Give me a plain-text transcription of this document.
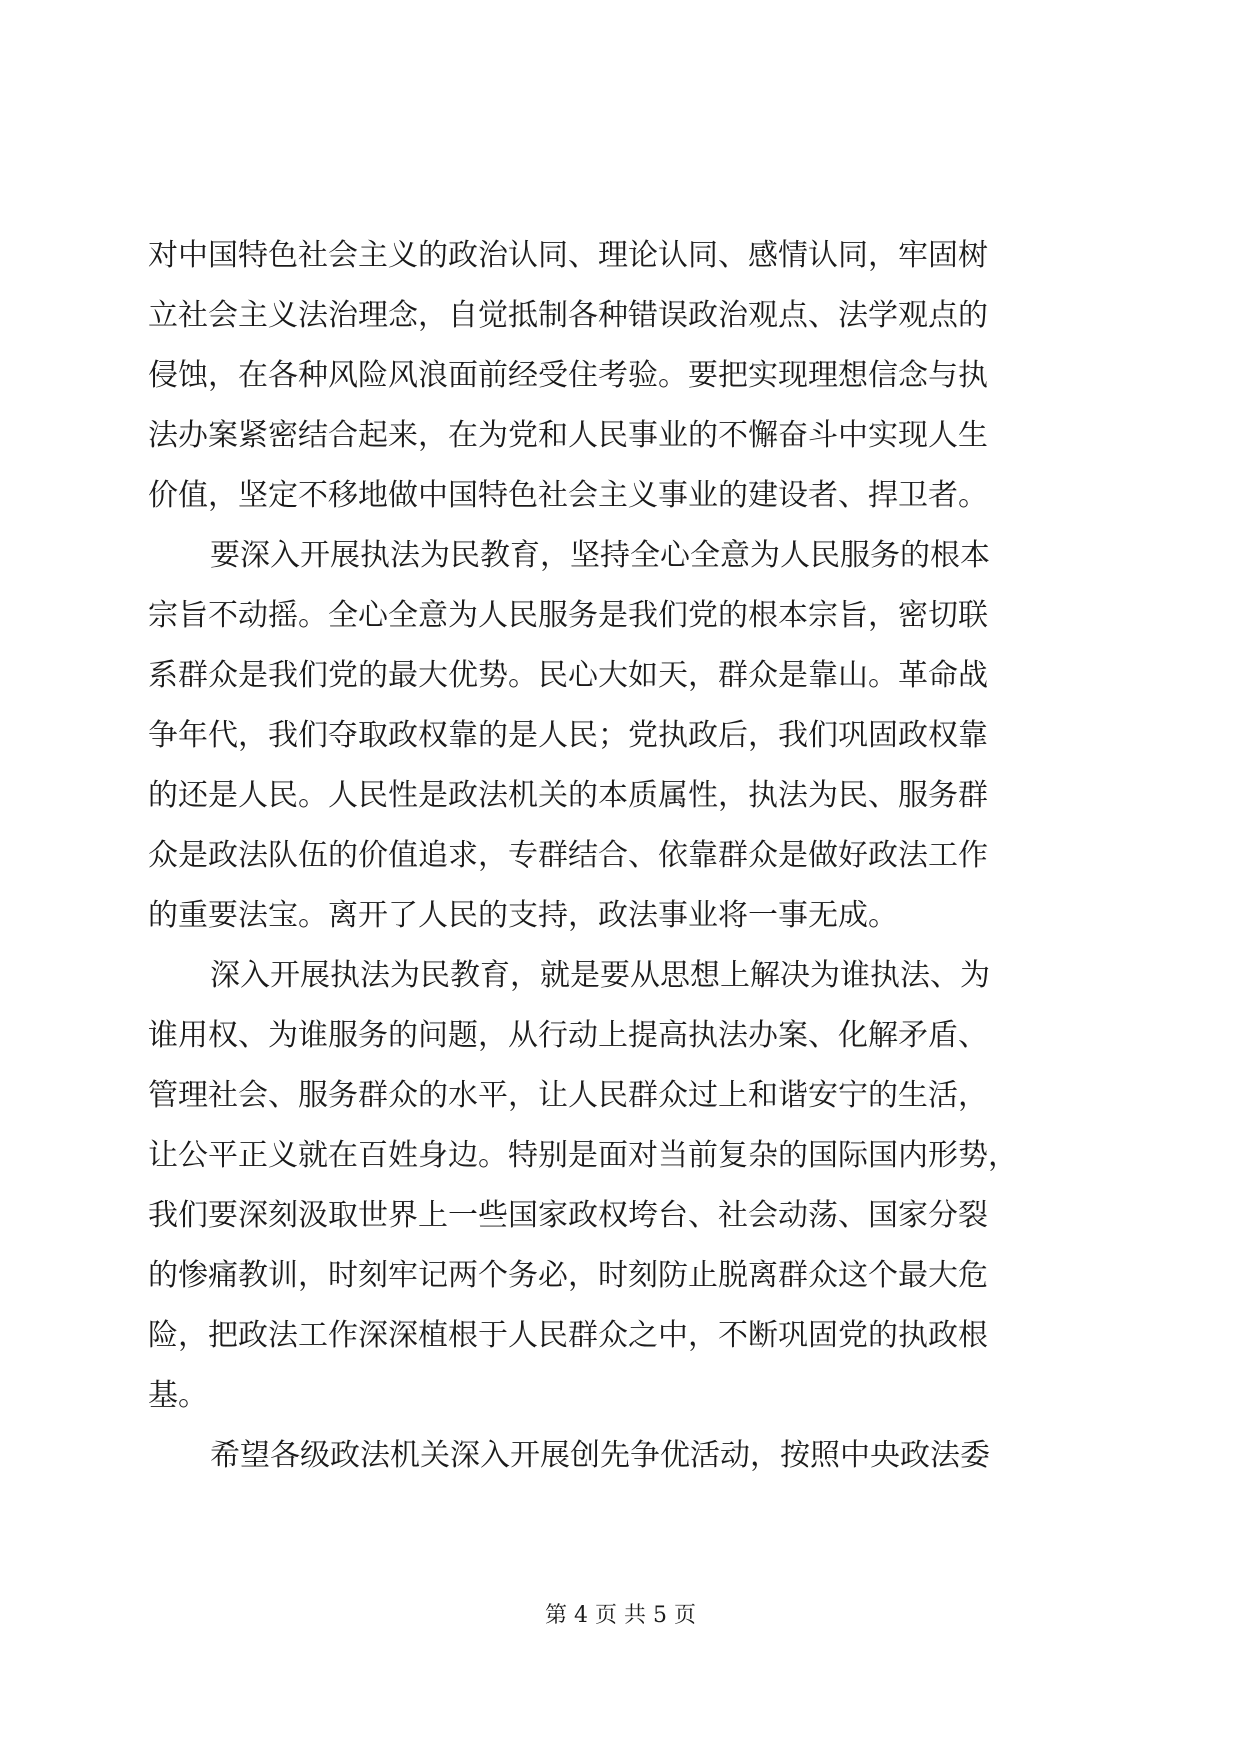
对中国特色社会主义的政治认同、理论认同、感情认同，牢固树
立社会主义法治理念，自觉抵制各种错误政治观点、法学观点的
侵蚀，在各种风险风浪面前经受住考验。要把实现理想信念与执
法办案紧密结合起来，在为党和人民事业的不懈奋斗中实现人生
价值，坚定不移地做中国特色社会主义事业的建设者、捍卫者。
要深入开展执法为民教育，坚持全心全意为人民服务的根本
宗旨不动摇。全心全意为人民服务是我们党的根本宗旨，密切联
系群众是我们党的最大优势。民心大如天，群众是靠山。革命战
争年代，我们夺取政权靠的是人民；党执政后，我们巩固政权靠
的还是人民。人民性是政法机关的本质属性，执法为民、服务群
众是政法队伍的价值追求，专群结合、依靠群众是做好政法工作
的重要法宝。离开了人民的支持，政法事业将一事无成。
深入开展执法为民教育，就是要从思想上解决为谁执法、为
谁用权、为谁服务的问题，从行动上提高执法办案、化解矛盾、
管理社会、服务群众的水平，让人民群众过上和谐安宁的生活，
让公平正义就在百姓身边。特别是面对当前复杂的国际国内形势，
我们要深刻汲取世界上一些国家政权垮台、社会动荡、国家分裂
的惨痛教训，时刻牢记两个务必，时刻防止脱离群众这个最大危
险，把政法工作深深植根于人民群众之中，不断巩固党的执政根
基。
希望各级政法机关深入开展创先争优活动，按照中央政法委
第 4 页 共 5 页
